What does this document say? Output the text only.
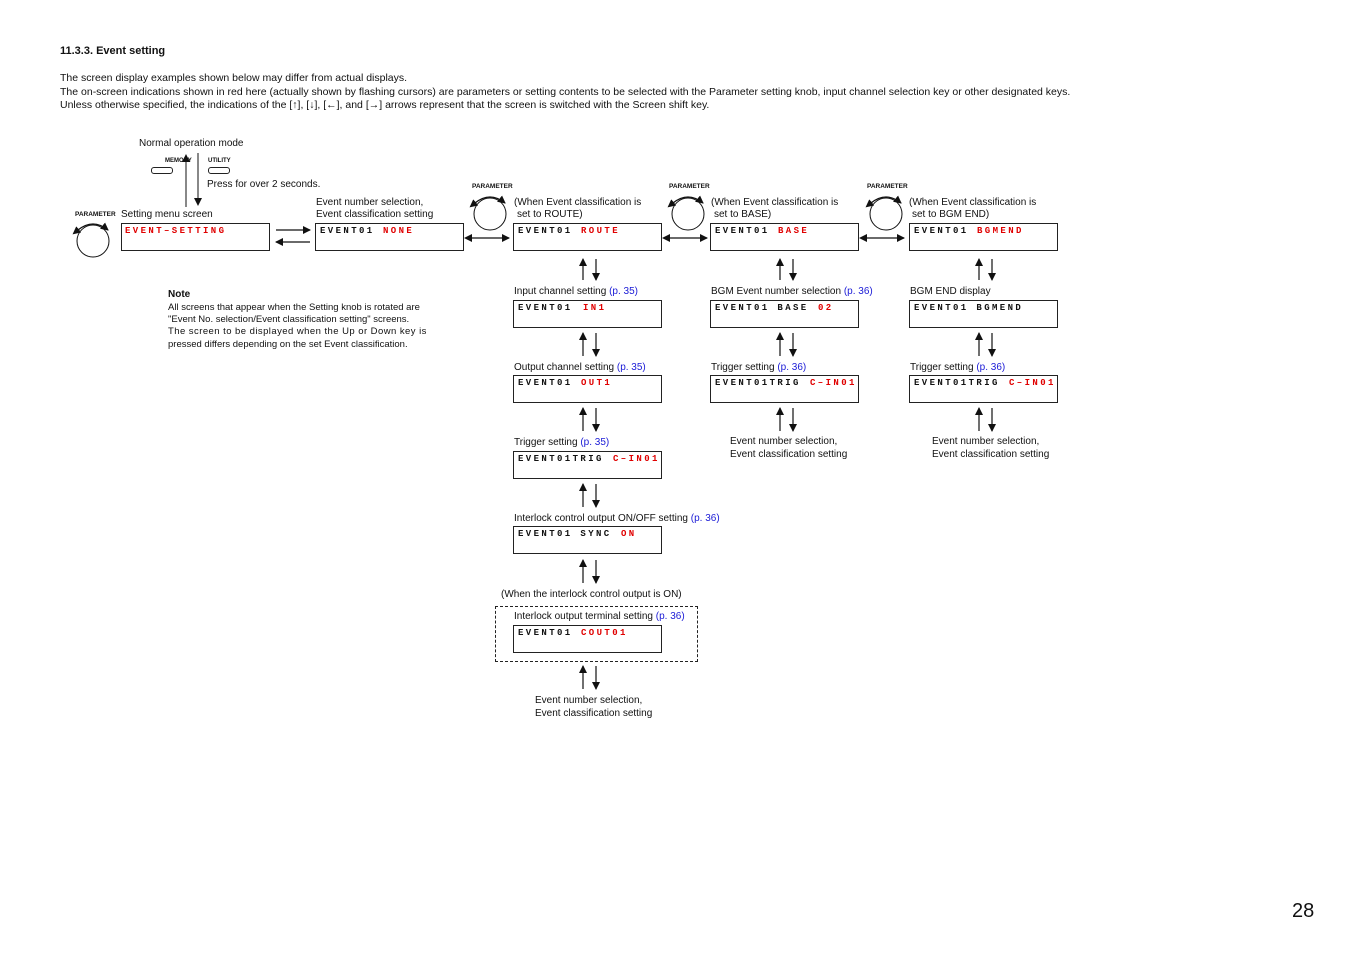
11.3.3. Event setting
The screen display examples shown below may differ from actual displays.
The on-screen indications shown in red here (actually shown by flashing cursors) are parameters or setting contents to be selected with the Parameter setting knob, input channel selection key or other designated keys.
Unless otherwise specified, the indications of the [↑], [↓], [←], and [→] arrows represent that the screen is switched with the Screen shift key.
Normal operation mode
MEMORY	UTILITY
Press for over 2 seconds.
PARAMETER Setting menu screen
Event number selection,
Event classification setting
PARAMETER
(When Event classification is
set to ROUTE)
PARAMETER
(When Event classification is
set to BASE)
PARAMETER
(When Event classification is
set to BGM END)
EVENT–SETTING	EVENT01 NONE	EVENT01 ROUTE	EVENT01 BASE	EVENT01 BGMEND
Note
All screens that appear when the Setting knob is rotated are
"Event No. selection/Event classification setting" screens.
The screen to be displayed when the Up or Down key is
pressed differs depending on the set Event classification.
Input channel setting (p. 35)
EVENT01 IN1
Output channel setting (p. 35)
EVENT01 OUT1
Trigger setting (p. 35)
EVENT01TRIG C–IN01
Interlock control output ON/OFF setting (p. 36)
EVENT01 SYNC ON
(When the interlock control output is ON)
Interlock output terminal setting (p. 36)
EVENT01 COUT01
Event number selection,
Event classification setting
BGM Event number selection (p. 36)
EVENT01 BASE 02
Trigger setting (p. 36)
EVENT01TRIG C–IN01
Event number selection,
Event classification setting
BGM END display
EVENT01 BGMEND
Trigger setting (p. 36)
EVENT01TRIG C–IN01
Event number selection,
Event classification setting
28
